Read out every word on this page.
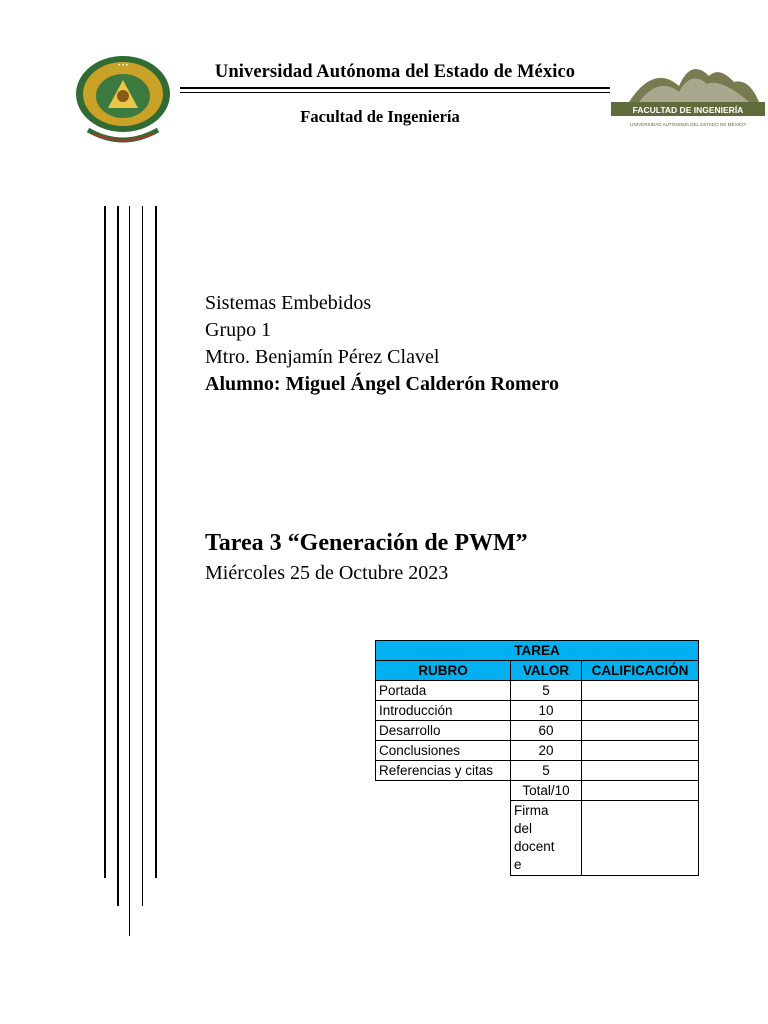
• • •	Universidad Autónoma del Estado de México
Facultad de Ingeniería	FACULTAD DE INGENIERÍA
UNIVERSIDAD AUTÓNOMA DEL ESTADO DE MÉXICO
Sistemas Embebidos
Grupo 1
Mtro. Benjamín Pérez Clavel
Alumno: Miguel Ángel Calderón Romero
Tarea 3 “Generación de PWM”
Miércoles 25 de Octubre 2023
TAREA		
RUBRO	VALOR	CALIFICACIÓN
Portada	5	
Introducción	10	
Desarrollo	60	
Conclusiones	20	
Referencias y citas	5	
	Total/10	

	Firma del docente	
